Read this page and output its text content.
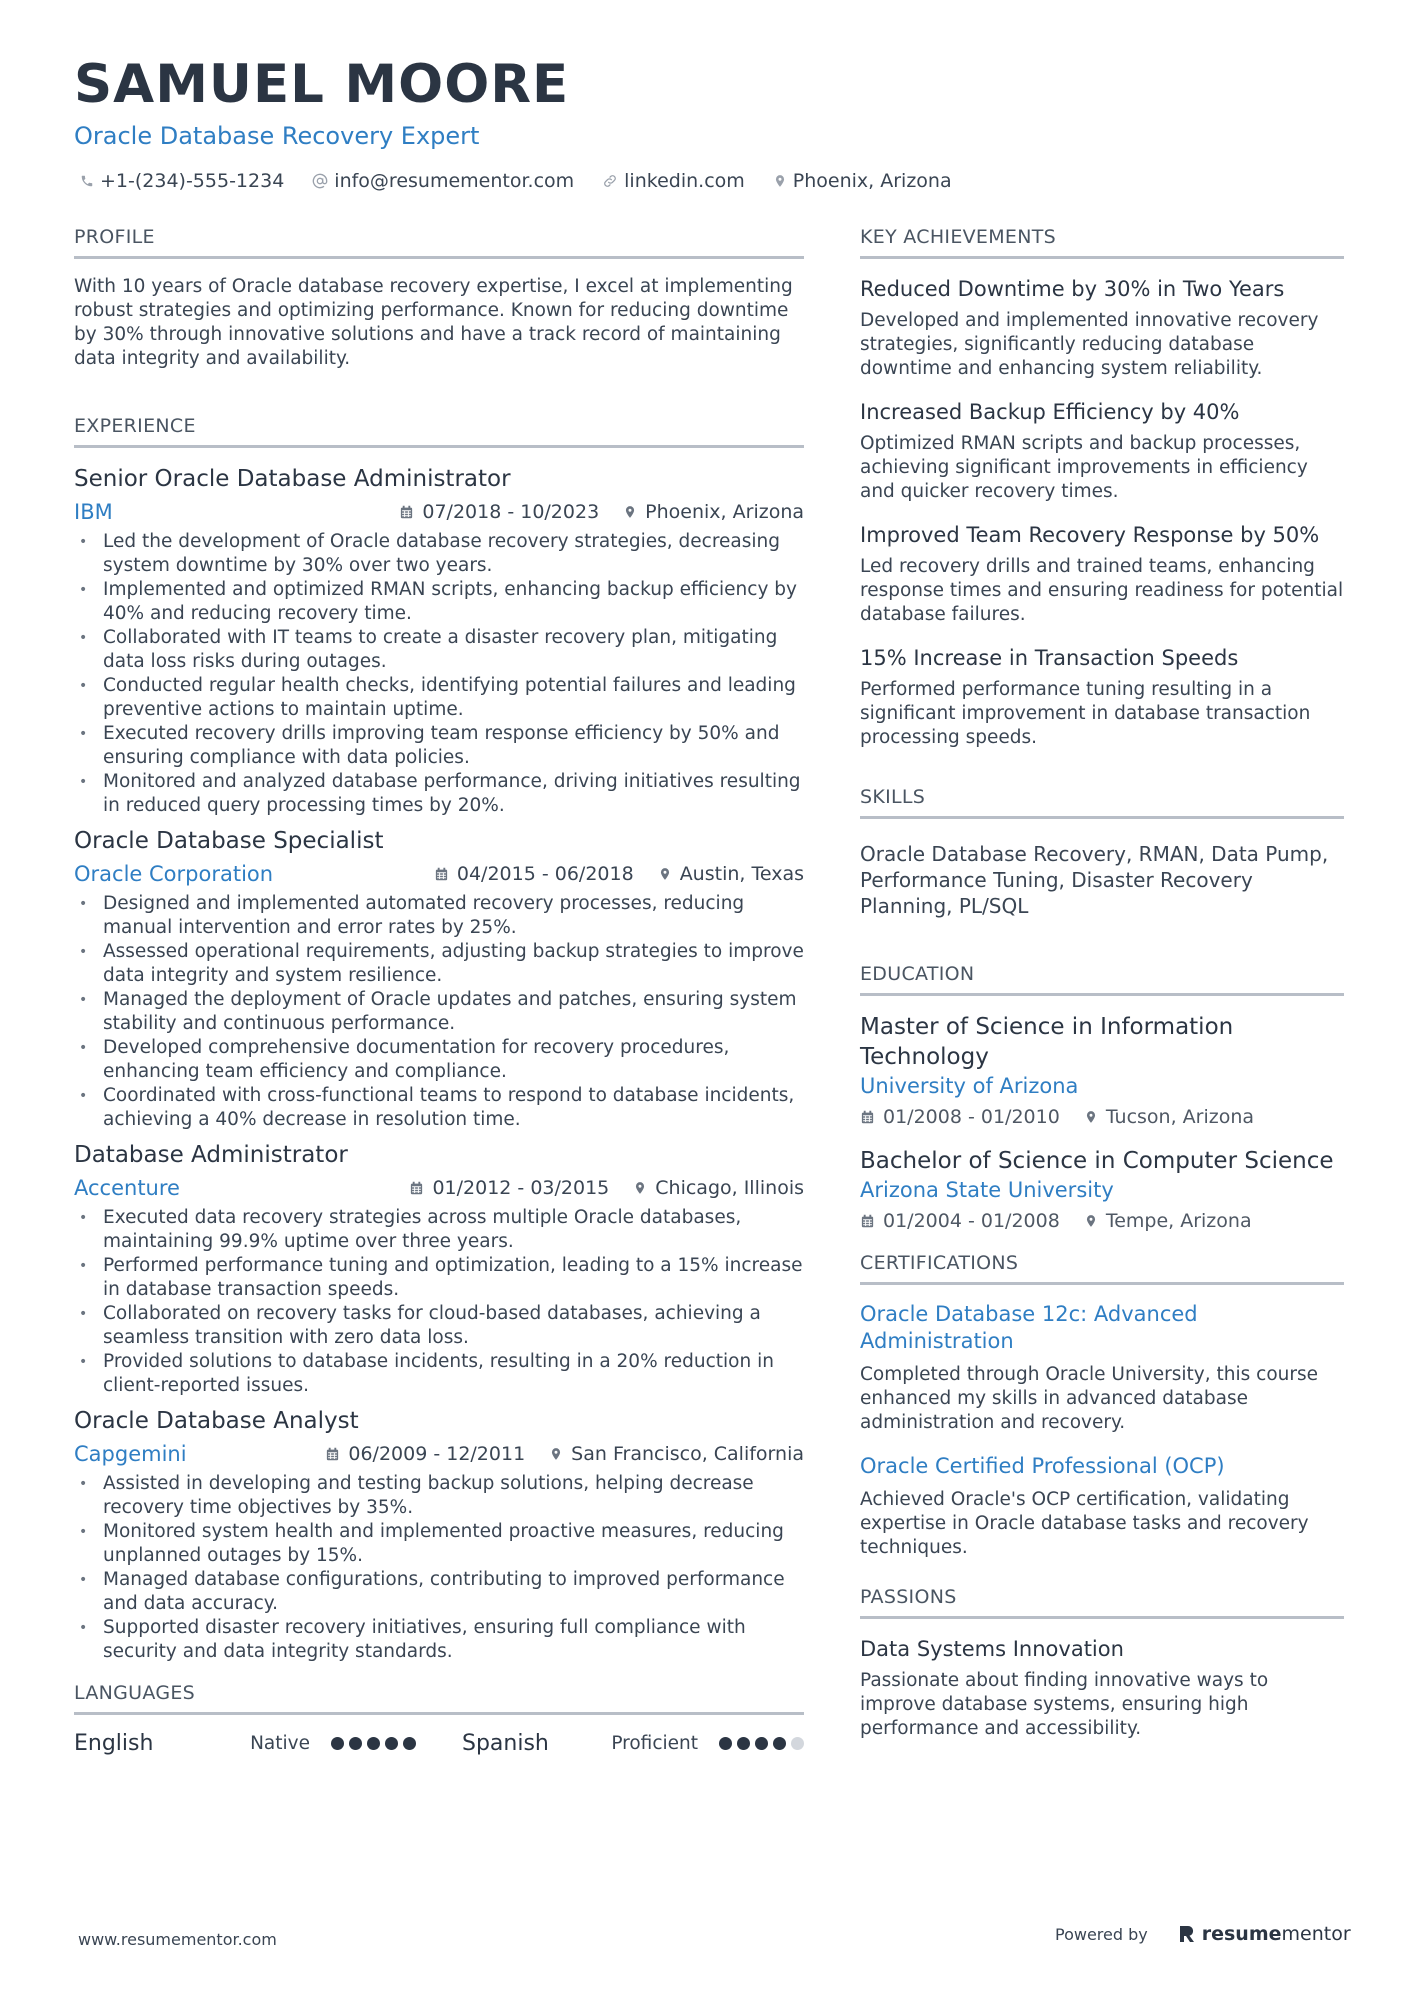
SAMUEL MOORE
Oracle Database Recovery Expert
+1-(234)-555-1234	info@resumementor.com	linkedin.com	Phoenix, Arizona
PROFILE
With 10 years of Oracle database recovery expertise, I excel at implementing robust strategies and optimizing performance. Known for reducing downtime by 30% through innovative solutions and have a track record of maintaining data integrity and availability.
EXPERIENCE
Senior Oracle Database Administrator
IBM	07/2018 - 10/2023 Phoenix, Arizona
• Led the development of Oracle database recovery strategies, decreasing system downtime by 30% over two years.
• Implemented and optimized RMAN scripts, enhancing backup efficiency by 40% and reducing recovery time.
• Collaborated with IT teams to create a disaster recovery plan, mitigating data loss risks during outages.
• Conducted regular health checks, identifying potential failures and leading preventive actions to maintain uptime.
• Executed recovery drills improving team response efficiency by 50% and ensuring compliance with data policies.
• Monitored and analyzed database performance, driving initiatives resulting in reduced query processing times by 20%.
Oracle Database Specialist
Oracle Corporation	04/2015 - 06/2018 Austin, Texas
• Designed and implemented automated recovery processes, reducing manual intervention and error rates by 25%.
• Assessed operational requirements, adjusting backup strategies to improve data integrity and system resilience.
• Managed the deployment of Oracle updates and patches, ensuring system stability and continuous performance.
• Developed comprehensive documentation for recovery procedures, enhancing team efficiency and compliance.
• Coordinated with cross-functional teams to respond to database incidents, achieving a 40% decrease in resolution time.
Database Administrator
Accenture	01/2012 - 03/2015 Chicago, Illinois
• Executed data recovery strategies across multiple Oracle databases, maintaining 99.9% uptime over three years.
• Performed performance tuning and optimization, leading to a 15% increase in database transaction speeds.
• Collaborated on recovery tasks for cloud-based databases, achieving a seamless transition with zero data loss.
• Provided solutions to database incidents, resulting in a 20% reduction in client-reported issues.
Oracle Database Analyst
Capgemini	06/2009 - 12/2011 San Francisco, California
• Assisted in developing and testing backup solutions, helping decrease recovery time objectives by 35%.
• Monitored system health and implemented proactive measures, reducing unplanned outages by 15%.
• Managed database configurations, contributing to improved performance and data accuracy.
• Supported disaster recovery initiatives, ensuring full compliance with security and data integrity standards.
LANGUAGES
English	Native	Spanish	Proficient
KEY ACHIEVEMENTS
Reduced Downtime by 30% in Two Years
Developed and implemented innovative recovery strategies, significantly reducing database downtime and enhancing system reliability.
Increased Backup Efficiency by 40%
Optimized RMAN scripts and backup processes, achieving significant improvements in efficiency and quicker recovery times.
Improved Team Recovery Response by 50%
Led recovery drills and trained teams, enhancing response times and ensuring readiness for potential database failures.
15% Increase in Transaction Speeds
Performed performance tuning resulting in a significant improvement in database transaction processing speeds.
SKILLS
Oracle Database Recovery, RMAN, Data Pump, Performance Tuning, Disaster Recovery Planning, PL/SQL
EDUCATION
Master of Science in Information Technology
University of Arizona
01/2008 - 01/2010 Tucson, Arizona
Bachelor of Science in Computer Science
Arizona State University
01/2004 - 01/2008 Tempe, Arizona
CERTIFICATIONS
Oracle Database 12c: Advanced Administration
Completed through Oracle University, this course enhanced my skills in advanced database administration and recovery.
Oracle Certified Professional (OCP)
Achieved Oracle's OCP certification, validating expertise in Oracle database tasks and recovery techniques.
PASSIONS
Data Systems Innovation
Passionate about finding innovative ways to improve database systems, ensuring high performance and accessibility.
www.resumementor.com	Powered by	resume mentor
